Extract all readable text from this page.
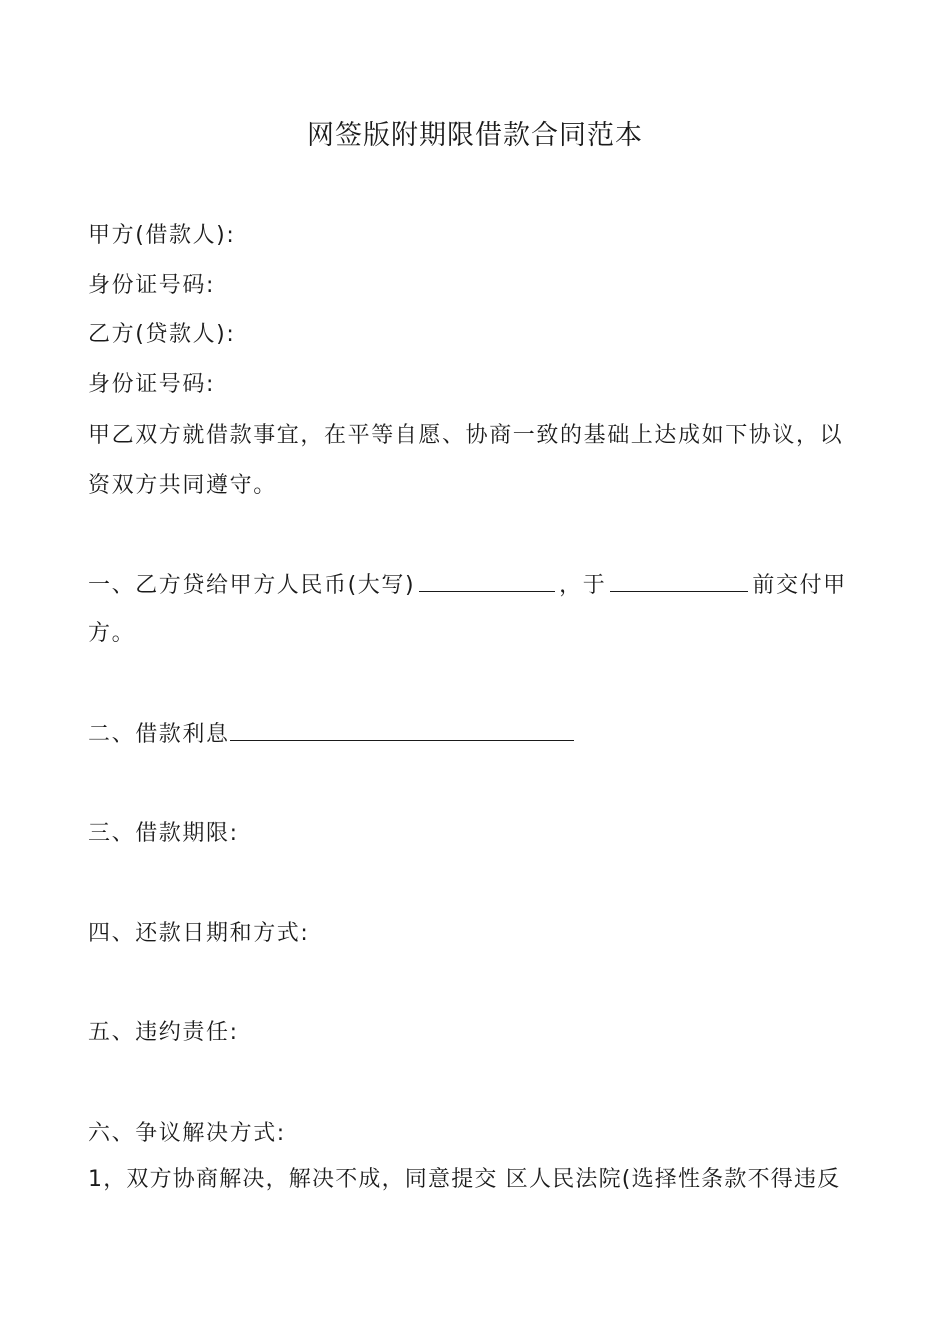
网签版附期限借款合同范本
甲方(借款人):
身份证号码:
乙方(贷款人):
身份证号码:
甲乙双方就借款事宜，在平等自愿、协商一致的基础上达成如下协议，以
资双方共同遵守。
一、乙方贷给甲方人民币(大写)	，于	前交付甲
方。
二、借款利息
三、借款期限:
四、还款日期和方式:
五、违约责任:
六、争议解决方式:
1，双方协商解决，解决不成，同意提交 区人民法院(选择性条款不得违反
